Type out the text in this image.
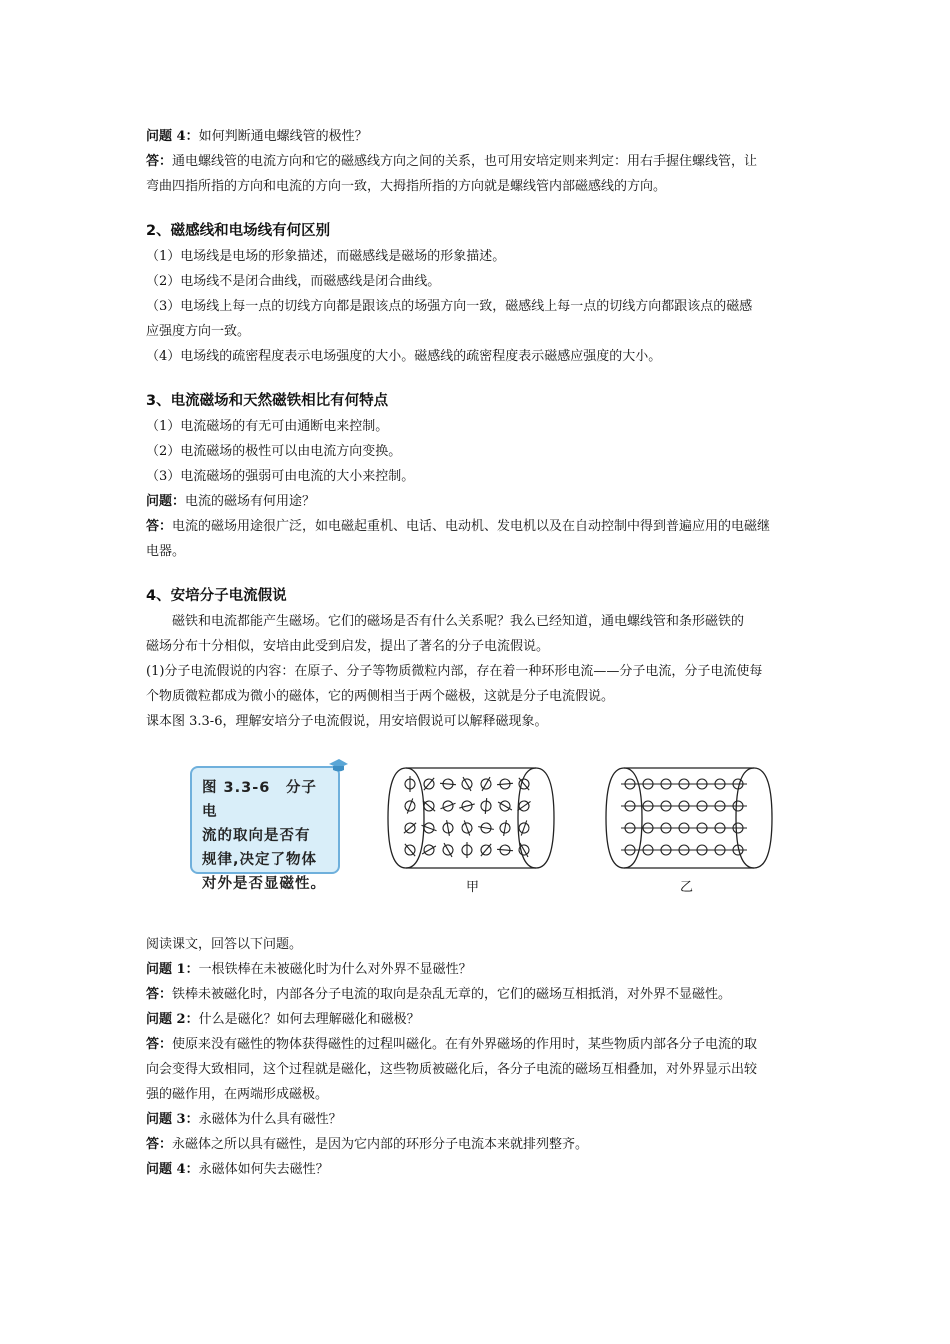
问题 4：如何判断通电螺线管的极性？
答：通电螺线管的电流方向和它的磁感线方向之间的关系，也可用安培定则来判定：用右手握住螺线管，让
弯曲四指所指的方向和电流的方向一致，大拇指所指的方向就是螺线管内部磁感线的方向。
2、磁感线和电场线有何区别
（1）电场线是电场的形象描述，而磁感线是磁场的形象描述。
（2）电场线不是闭合曲线，而磁感线是闭合曲线。
（3）电场线上每一点的切线方向都是跟该点的场强方向一致，磁感线上每一点的切线方向都跟该点的磁感
应强度方向一致。
（4）电场线的疏密程度表示电场强度的大小。磁感线的疏密程度表示磁感应强度的大小。
3、电流磁场和天然磁铁相比有何特点
（1）电流磁场的有无可由通断电来控制。
（2）电流磁场的极性可以由电流方向变换。
（3）电流磁场的强弱可由电流的大小来控制。
问题：电流的磁场有何用途？
答：电流的磁场用途很广泛，如电磁起重机、电话、电动机、发电机以及在自动控制中得到普遍应用的电磁继
电器。
4、安培分子电流假说
磁铁和电流都能产生磁场。它们的磁场是否有什么关系呢？我么已经知道，通电螺线管和条形磁铁的
磁场分布十分相似，安培由此受到启发，提出了著名的分子电流假说。
(1)分子电流假说的内容：在原子、分子等物质微粒内部，存在着一种环形电流——分子电流，分子电流使每
个物质微粒都成为微小的磁体，它的两侧相当于两个磁极，这就是分子电流假说。
课本图 3.3-6，理解安培分子电流假说，用安培假说可以解释磁现象。
图 3.3-6　分子电
流的取向是否有
规律,决定了物体
对外是否显磁性。	甲	乙
阅读课文，回答以下问题。
问题 1：一根铁棒在未被磁化时为什么对外界不显磁性？
答：铁棒未被磁化时，内部各分子电流的取向是杂乱无章的，它们的磁场互相抵消，对外界不显磁性。
问题 2：什么是磁化？如何去理解磁化和磁极？
答：使原来没有磁性的物体获得磁性的过程叫磁化。在有外界磁场的作用时，某些物质内部各分子电流的取
向会变得大致相同，这个过程就是磁化，这些物质被磁化后，各分子电流的磁场互相叠加，对外界显示出较
强的磁作用，在两端形成磁极。
问题 3：永磁体为什么具有磁性？
答：永磁体之所以具有磁性，是因为它内部的环形分子电流本来就排列整齐。
问题 4：永磁体如何失去磁性？
